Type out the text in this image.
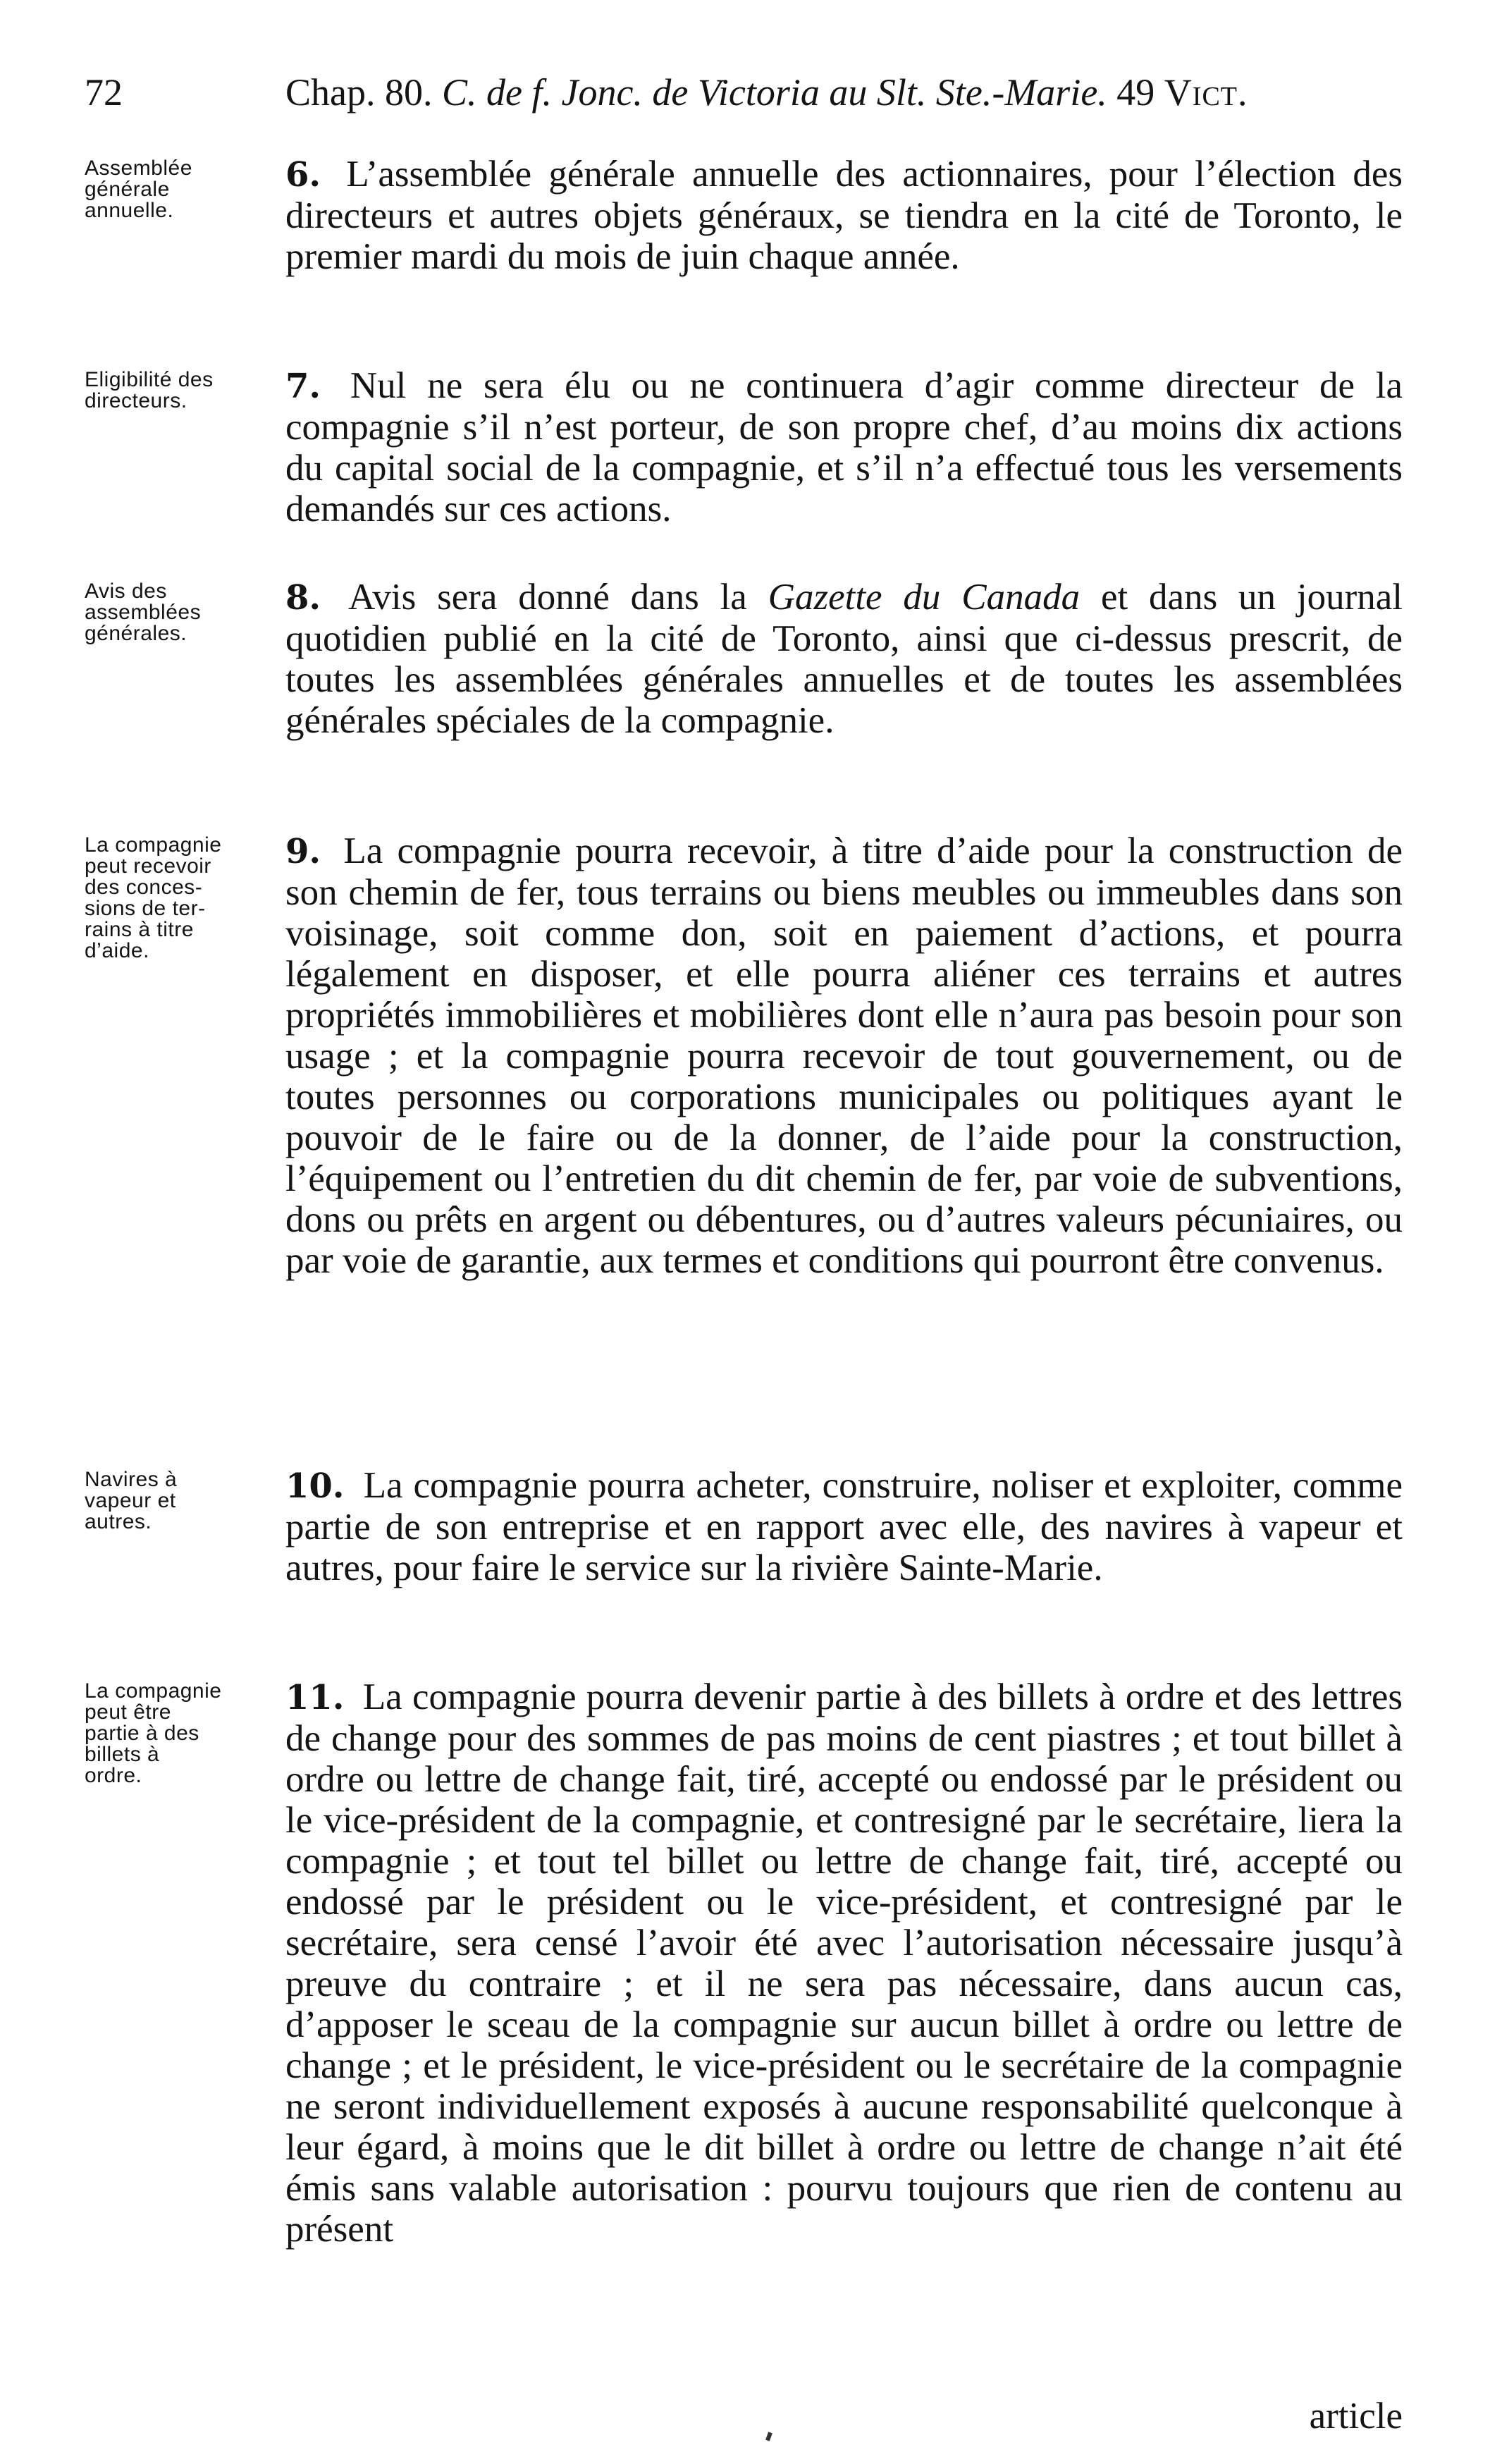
72	Chap. 80. C. de f. Jonc. de Victoria au Slt. Ste.-Marie. 49 Vict.
Assemblée
générale
annuelle.
6. L’assemblée générale annuelle des actionnaires, pour l’élection des directeurs et autres objets généraux, se tiendra en la cité de Toronto, le premier mardi du mois de juin chaque année.
Eligibilité des
directeurs.	7. Nul ne sera élu ou ne continuera d’agir comme directeur de la compagnie s’il n’est porteur, de son propre chef, d’au moins dix actions du capital social de la compagnie, et s’il n’a effectué tous les versements demandés sur ces actions.
Avis des
assemblées
générales.
8. Avis sera donné dans la Gazette du Canada et dans un journal quotidien publié en la cité de Toronto, ainsi que ci-dessus prescrit, de toutes les assemblées générales annuelles et de toutes les assemblées générales spéciales de la compagnie.
La compagnie
peut recevoir
des conces-
sions de ter-
rains à titre
d’aide.
9. La compagnie pourra recevoir, à titre d’aide pour la construction de son chemin de fer, tous terrains ou biens meubles ou immeubles dans son voisinage, soit comme don, soit en paiement d’actions, et pourra légalement en disposer, et elle pourra aliéner ces terrains et autres propriétés immobilières et mobilières dont elle n’aura pas besoin pour son usage ; et la compagnie pourra recevoir de tout gouvernement, ou de toutes personnes ou corporations municipales ou politiques ayant le pouvoir de le faire ou de la donner, de l’aide pour la construction, l’équipement ou l’entretien du dit chemin de fer, par voie de subventions, dons ou prêts en argent ou débentures, ou d’autres valeurs pécuniaires, ou par voie de garantie, aux termes et conditions qui pourront être convenus.
Navires à
vapeur et
autres.
10. La compagnie pourra acheter, construire, noliser et exploiter, comme partie de son entreprise et en rapport avec elle, des navires à vapeur et autres, pour faire le service sur la rivière Sainte-Marie.
La compagnie
peut être
partie à des
billets à
ordre.
11. La compagnie pourra devenir partie à des billets à ordre et des lettres de change pour des sommes de pas moins de cent piastres ; et tout billet à ordre ou lettre de change fait, tiré, accepté ou endossé par le président ou le vice-président de la compagnie, et contresigné par le secrétaire, liera la compagnie ; et tout tel billet ou lettre de change fait, tiré, accepté ou endossé par le président ou le vice-président, et contresigné par le secrétaire, sera censé l’avoir été avec l’autorisation nécessaire jusqu’à preuve du contraire ; et il ne sera pas nécessaire, dans aucun cas, d’apposer le sceau de la compagnie sur aucun billet à ordre ou lettre de change ; et le président, le vice-président ou le secrétaire de la compagnie ne seront individuellement exposés à aucune responsabilité quelconque à leur égard, à moins que le dit billet à ordre ou lettre de change n’ait été émis sans valable autorisation : pourvu toujours que rien de contenu au présent
article
